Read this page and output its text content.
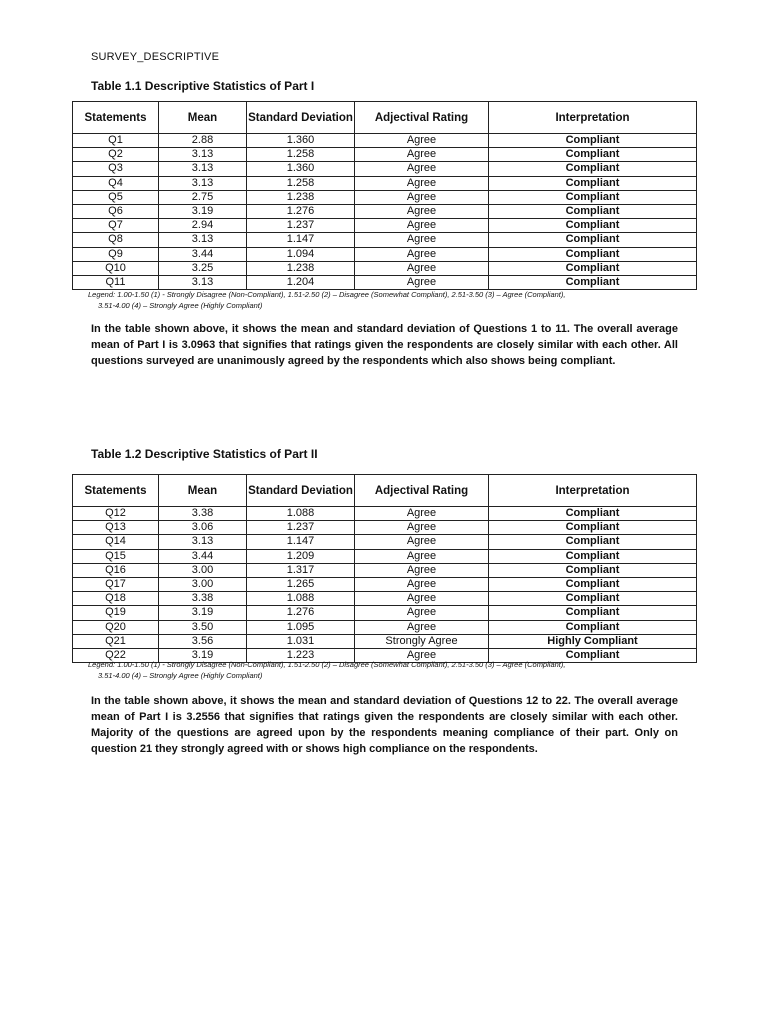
SURVEY_DESCRIPTIVE
Table 1.1 Descriptive Statistics of Part I
Statements	Mean	Standard Deviation	Adjectival Rating	Interpretation
Q1	2.88	1.360	Agree	Compliant
Q2	3.13	1.258	Agree	Compliant
Q3	3.13	1.360	Agree	Compliant
Q4	3.13	1.258	Agree	Compliant
Q5	2.75	1.238	Agree	Compliant
Q6	3.19	1.276	Agree	Compliant
Q7	2.94	1.237	Agree	Compliant
Q8	3.13	1.147	Agree	Compliant
Q9	3.44	1.094	Agree	Compliant
Q10	3.25	1.238	Agree	Compliant
Q11	3.13	1.204	Agree	Compliant
Legend: 1.00-1.50 (1) - Strongly Disagree (Non-Compliant), 1.51-2.50 (2) – Disagree (Somewhat Compliant), 2.51-3.50 (3) – Agree (Compliant),
3.51-4.00 (4) – Strongly Agree (Highly Compliant)
In the table shown above, it shows the mean and standard deviation of Questions 1 to 11. The overall average mean of Part I is 3.0963 that signifies that ratings given the respondents are closely similar with each other. All questions surveyed are unanimously agreed by the respondents which also shows being compliant.
Table 1.2 Descriptive Statistics of Part II
Statements	Mean	Standard Deviation	Adjectival Rating	Interpretation
Q12	3.38	1.088	Agree	Compliant
Q13	3.06	1.237	Agree	Compliant
Q14	3.13	1.147	Agree	Compliant
Q15	3.44	1.209	Agree	Compliant
Q16	3.00	1.317	Agree	Compliant
Q17	3.00	1.265	Agree	Compliant
Q18	3.38	1.088	Agree	Compliant
Q19	3.19	1.276	Agree	Compliant
Q20	3.50	1.095	Agree	Compliant
Q21	3.56	1.031	Strongly Agree	Highly Compliant
Q22	3.19	1.223	Agree	Compliant
Legend: 1.00-1.50 (1) - Strongly Disagree (Non-Compliant), 1.51-2.50 (2) – Disagree (Somewhat Compliant), 2.51-3.50 (3) – Agree (Compliant),
3.51-4.00 (4) – Strongly Agree (Highly Compliant)
In the table shown above, it shows the mean and standard deviation of Questions 12 to 22. The overall average mean of Part I is 3.2556 that signifies that ratings given the respondents are closely similar with each other. Majority of the questions are agreed upon by the respondents meaning compliance of their part. Only on question 21 they strongly agreed with or shows high compliance on the respondents.
